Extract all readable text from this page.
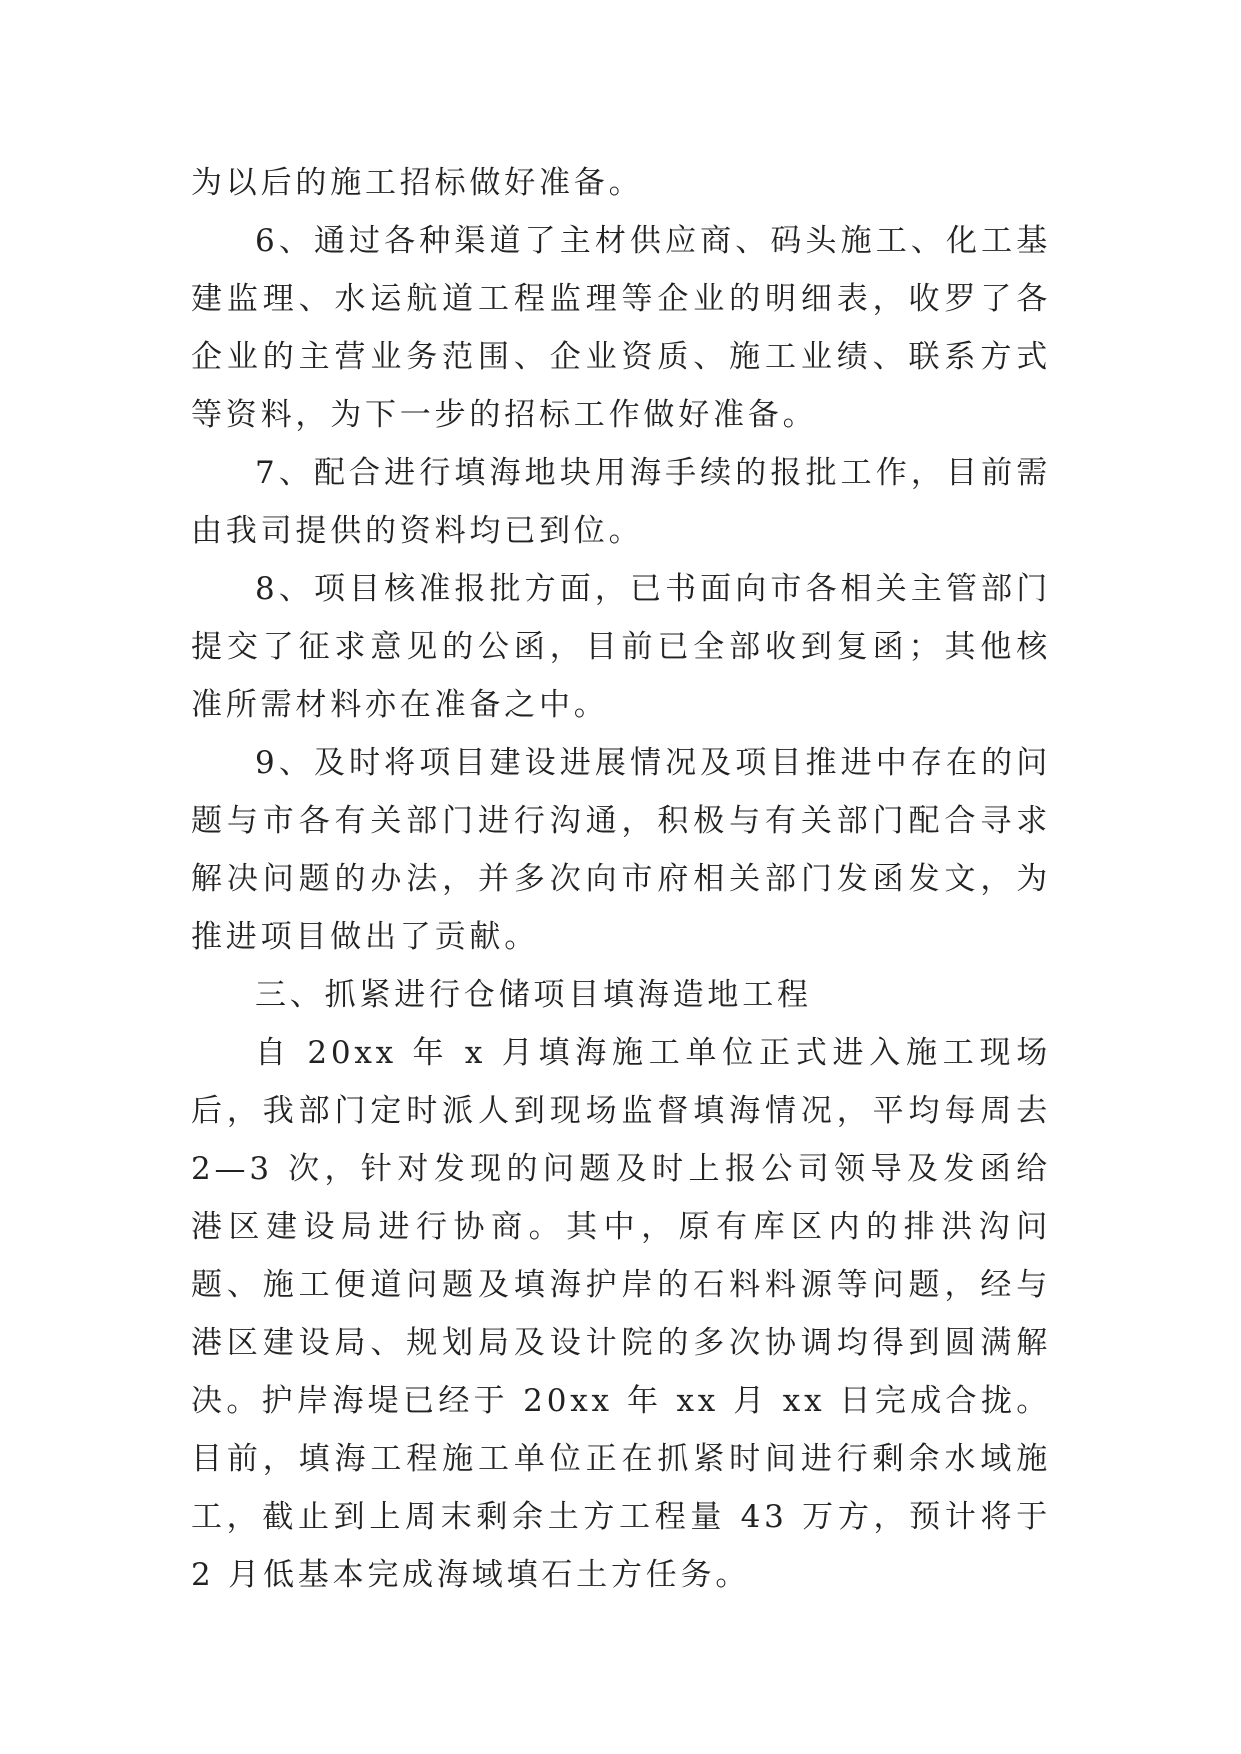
为以后的施工招标做好准备。

6、通过各种渠道了主材供应商、码头施工、化工基建监理、水运航道工程监理等企业的明细表，收罗了各企业的主营业务范围、企业资质、施工业绩、联系方式等资料，为下一步的招标工作做好准备。

7、配合进行填海地块用海手续的报批工作，目前需由我司提供的资料均已到位。

8、项目核准报批方面，已书面向市各相关主管部门提交了征求意见的公函，目前已全部收到复函；其他核准所需材料亦在准备之中。

9、及时将项目建设进展情况及项目推进中存在的问题与市各有关部门进行沟通，积极与有关部门配合寻求解决问题的办法，并多次向市府相关部门发函发文，为推进项目做出了贡献。

三、抓紧进行仓储项目填海造地工程

自 20xx 年 x 月填海施工单位正式进入施工现场后，我部门定时派人到现场监督填海情况，平均每周去 2—3 次，针对发现的问题及时上报公司领导及发函给港区建设局进行协商。其中，原有库区内的排洪沟问题、施工便道问题及填海护岸的石料料源等问题，经与港区建设局、规划局及设计院的多次协调均得到圆满解决。护岸海堤已经于 20xx 年 xx 月 xx 日完成合拢。目前，填海工程施工单位正在抓紧时间进行剩余水域施工，截止到上周末剩余土方工程量 43 万方，预计将于 2 月低基本完成海域填石土方任务。
